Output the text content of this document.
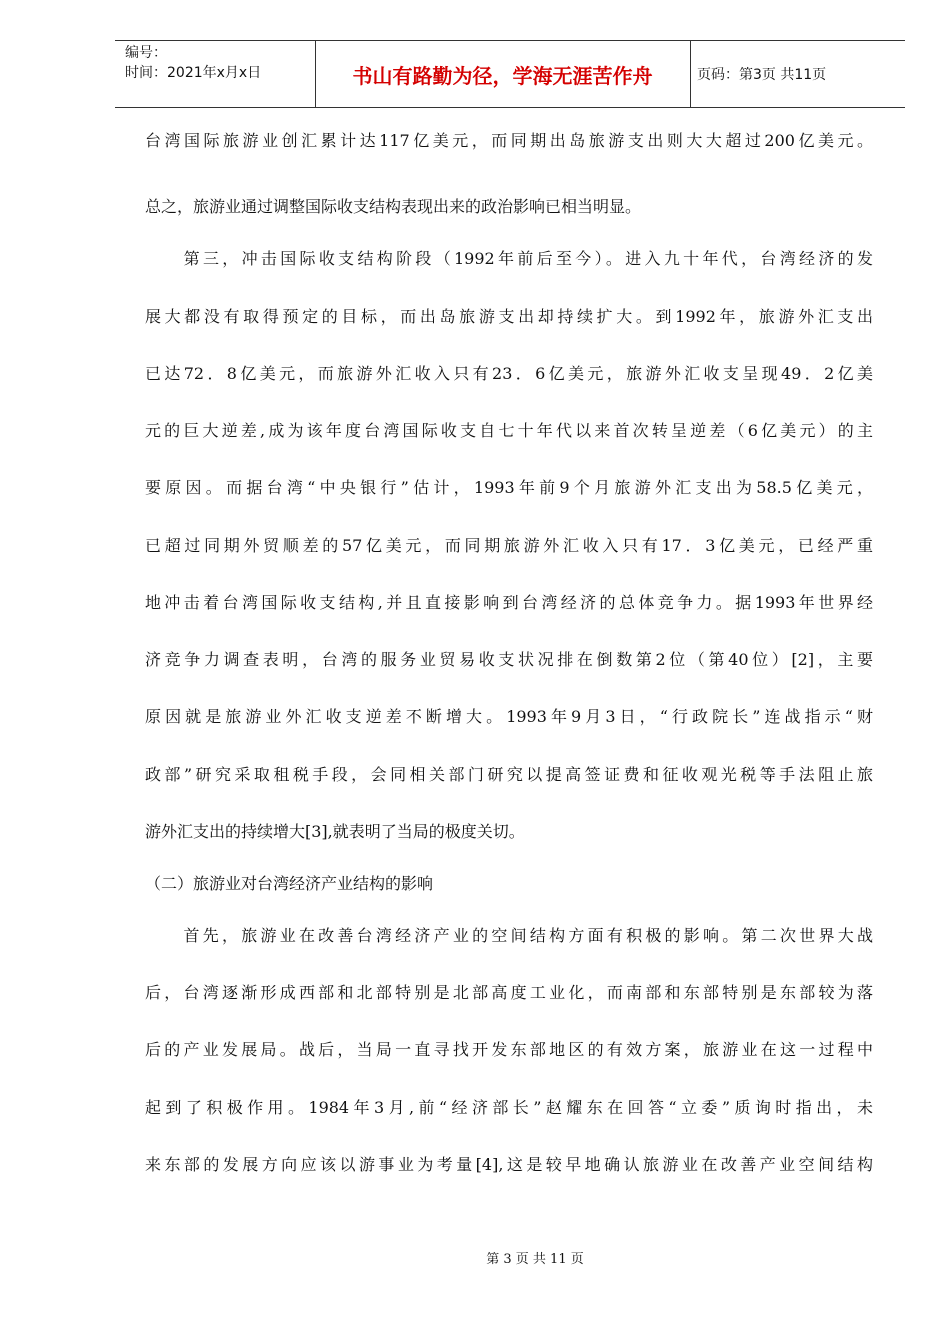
编号：
时间：2021年x月x日	书山有路勤为径，学海无涯苦作舟	页码：第3页 共11页
台湾国际旅游业创汇累计达117亿美元，而同期出岛旅游支出则大大超过200亿美元。
总之，旅游业通过调整国际收支结构表现出来的政治影响已相当明显。
　　第三，冲击国际收支结构阶段（1992年前后至今）。进入九十年代，台湾经济的发
展大都没有取得预定的目标，而出岛旅游支出却持续扩大。到1992年，旅游外汇支出
已达72．8亿美元，而旅游外汇收入只有23．6亿美元，旅游外汇收支呈现49．2亿美
元的巨大逆差,成为该年度台湾国际收支自七十年代以来首次转呈逆差（6亿美元）的主
要原因。而据台湾“中央银行”估计，1993年前9个月旅游外汇支出为58.5亿美元，
已超过同期外贸顺差的57亿美元，而同期旅游外汇收入只有17．3亿美元，已经严重
地冲击着台湾国际收支结构,并且直接影响到台湾经济的总体竞争力。据1993年世界经
济竞争力调查表明，台湾的服务业贸易收支状况排在倒数第2位（第40位）[2]，主要
原因就是旅游业外汇收支逆差不断增大。1993年9月3日，“行政院长”连战指示“财
政部”研究采取租税手段，会同相关部门研究以提高签证费和征收观光税等手法阻止旅
游外汇支出的持续增大[3],就表明了当局的极度关切。
（二）旅游业对台湾经济产业结构的影响
　　首先，旅游业在改善台湾经济产业的空间结构方面有积极的影响。第二次世界大战
后，台湾逐渐形成西部和北部特别是北部高度工业化，而南部和东部特别是东部较为落
后的产业发展局。战后，当局一直寻找开发东部地区的有效方案，旅游业在这一过程中
起到了积极作用。1984年3月,前“经济部长”赵耀东在回答“立委”质询时指出，未
来东部的发展方向应该以游事业为考量[4],这是较早地确认旅游业在改善产业空间结构
第 3 页 共 11 页
